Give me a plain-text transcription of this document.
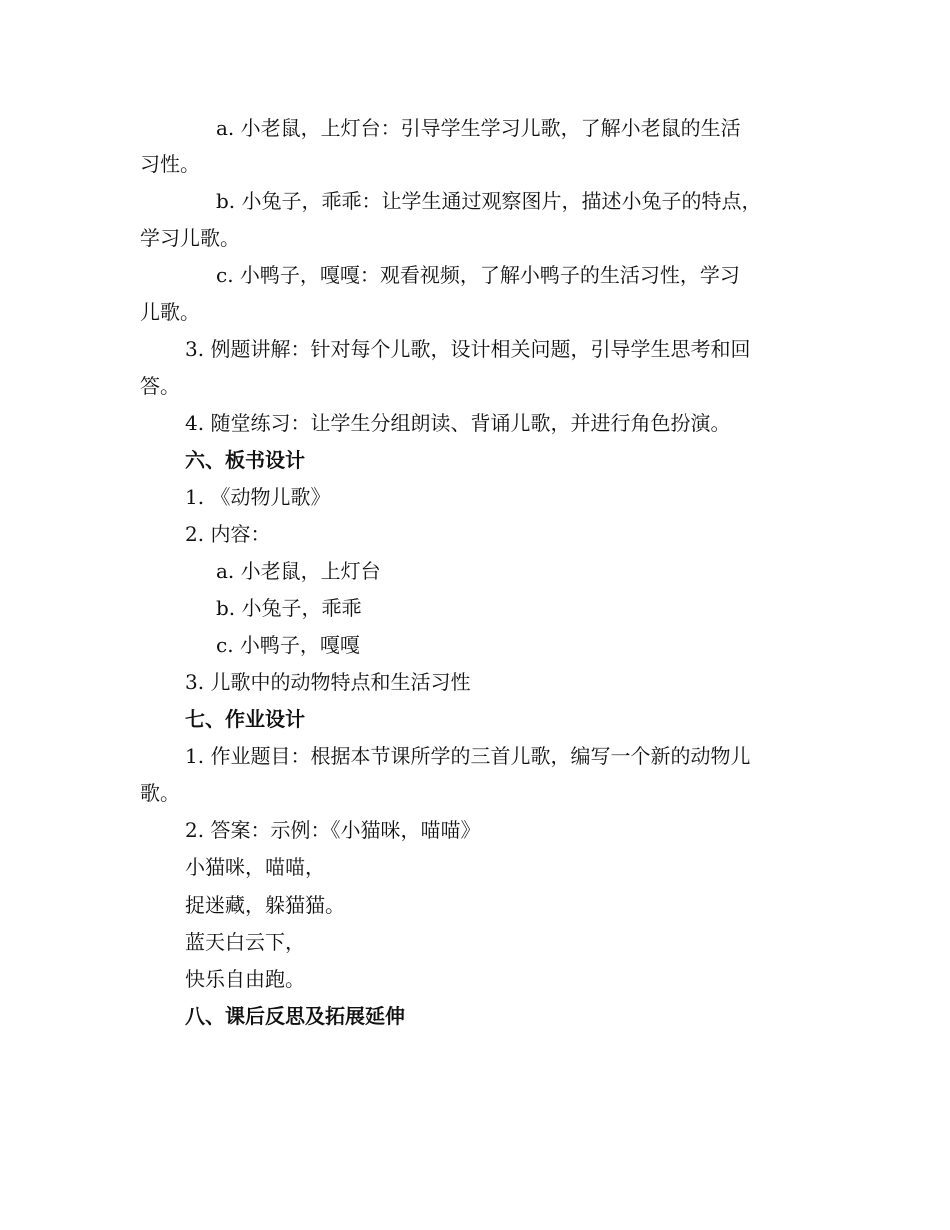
a. 小老鼠，上灯台：引导学生学习儿歌，了解小老鼠的生活
习性。
b. 小兔子，乖乖：让学生通过观察图片，描述小兔子的特点，
学习儿歌。
c. 小鸭子，嘎嘎：观看视频，了解小鸭子的生活习性，学习
儿歌。
3. 例题讲解：针对每个儿歌，设计相关问题，引导学生思考和回
答。
4. 随堂练习：让学生分组朗读、背诵儿歌，并进行角色扮演。
六、板书设计
1. 《动物儿歌》
2. 内容：
a. 小老鼠，上灯台
b. 小兔子，乖乖
c. 小鸭子，嘎嘎
3. 儿歌中的动物特点和生活习性
七、作业设计
1. 作业题目：根据本节课所学的三首儿歌，编写一个新的动物儿
歌。
2. 答案：示例：《小猫咪，喵喵》
小猫咪，喵喵，
捉迷藏，躲猫猫。
蓝天白云下，
快乐自由跑。
八、课后反思及拓展延伸
